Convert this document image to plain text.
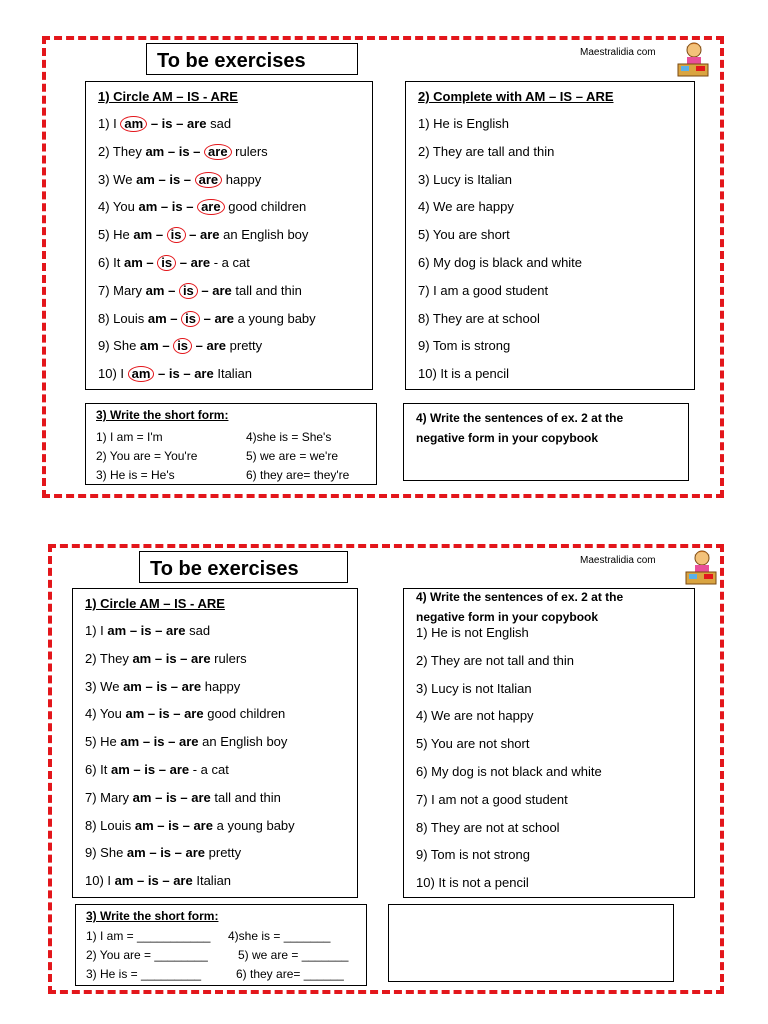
To be exercises	Maestralidia com
1) Circle AM – IS - ARE
1) I am – is – are sad
2) They am – is – are rulers
3) We am – is – are happy
4) You am – is – are good children
5) He am – is – are an English boy
6) It am – is – are - a cat
7) Mary am – is – are tall and thin
8) Louis am – is – are a young baby
9) She am – is – are pretty
10) I am – is – are Italian
2) Complete with AM – IS – ARE
1) He is English
2) They are tall and thin
3) Lucy is Italian
4) We are happy
5) You are short
6) My dog is black and white
7) I am a good student
8) They are at school
9) Tom is strong
10) It is a pencil
3) Write the short form:
1) I am = I'm
2) You are = You're
3) He is = He's
4)she is = She's
5) we are = we're
6) they are= they're
4) Write the sentences of ex. 2 at the
negative form in your copybook
To be exercises	Maestralidia com
1) Circle AM – IS - ARE
1) I am – is – are sad
2) They am – is – are rulers
3) We am – is – are happy
4) You am – is – are good children
5) He am – is – are an English boy
6) It am – is – are - a cat
7) Mary am – is – are tall and thin
8) Louis am – is – are a young baby
9) She am – is – are pretty
10) I am – is – are Italian
4) Write the sentences of ex. 2 at the
negative form in your copybook
1) He is not English
2) They are not tall and thin
3) Lucy is not Italian
4) We are not happy
5) You are not short
6) My dog is not black and white
7) I am not a good student
8) They are not at school
9) Tom is not strong
10) It is not a pencil
3) Write the short form:
1) I am = ___________
2) You are = ________
3) He is = _________
4)she is = _______
5) we are = _______
6) they are= ______
